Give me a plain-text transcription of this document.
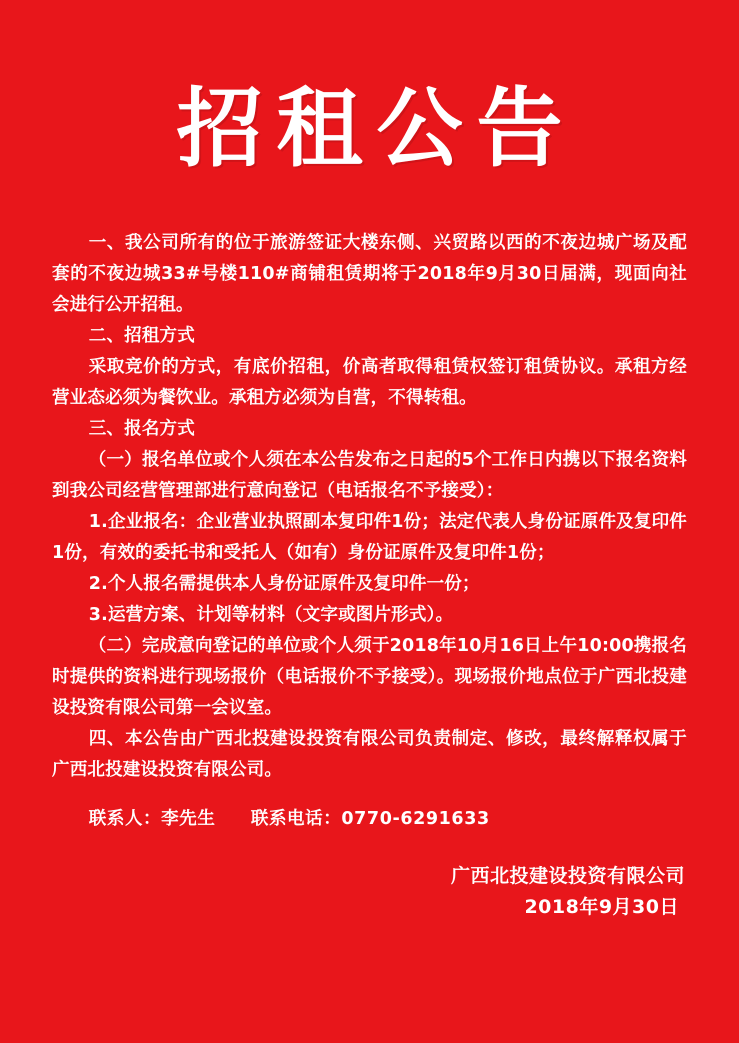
招租公告

一、我公司所有的位于旅游签证大楼东侧、兴贸路以西的不夜边城广场及配套的不夜边城33#号楼110#商铺租赁期将于2018年9月30日届满，现面向社会进行公开招租。

二、招租方式

采取竞价的方式，有底价招租，价高者取得租赁权签订租赁协议。承租方经营业态必须为餐饮业。承租方必须为自营，不得转租。

三、报名方式

（一）报名单位或个人须在本公告发布之日起的5个工作日内携以下报名资料到我公司经营管理部进行意向登记（电话报名不予接受）：

1.企业报名：企业营业执照副本复印件1份；法定代表人身份证原件及复印件1份，有效的委托书和受托人（如有）身份证原件及复印件1份；

2.个人报名需提供本人身份证原件及复印件一份；

3.运营方案、计划等材料（文字或图片形式）。

（二）完成意向登记的单位或个人须于2018年10月16日上午10:00携报名时提供的资料进行现场报价（电话报价不予接受）。现场报价地点位于广西北投建设投资有限公司第一会议室。

四、本公告由广西北投建设投资有限公司负责制定、修改，最终解释权属于广西北投建设投资有限公司。

联系人：李先生 联系电话：0770-6291633
广西北投建设投资有限公司
2018年9月30日
